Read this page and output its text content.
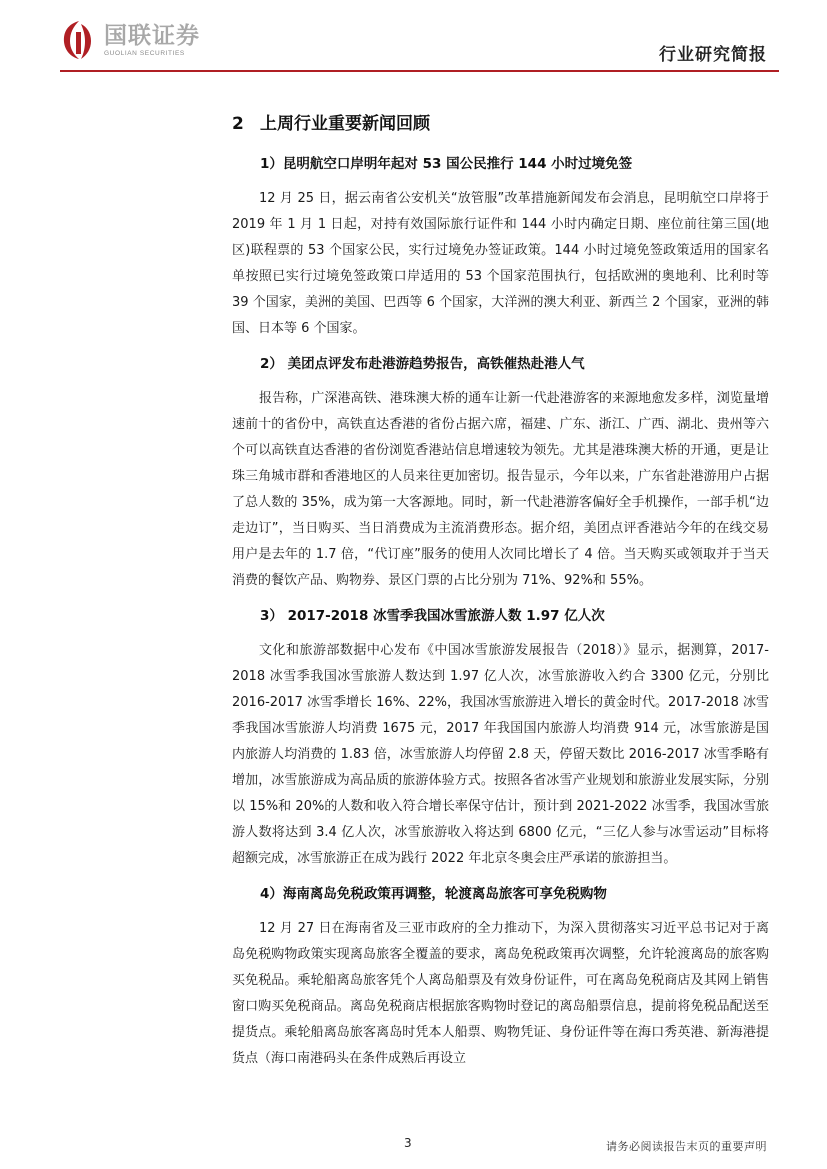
国联证券
GUOLIAN SECURITIES	行业研究简报
2 上周行业重要新闻回顾
1）昆明航空口岸明年起对 53 国公民推行 144 小时过境免签

12 月 25 日，据云南省公安机关“放管服”改革措施新闻发布会消息，昆明航空口岸将于 2019 年 1 月 1 日起，对持有效国际旅行证件和 144 小时内确定日期、座位前往第三国(地区)联程票的 53 个国家公民，实行过境免办签证政策。144 小时过境免签政策适用的国家名单按照已实行过境免签政策口岸适用的 53 个国家范围执行，包括欧洲的奥地利、比利时等 39 个国家，美洲的美国、巴西等 6 个国家，大洋洲的澳大利亚、新西兰 2 个国家，亚洲的韩国、日本等 6 个国家。

2） 美团点评发布赴港游趋势报告，高铁催热赴港人气

报告称，广深港高铁、港珠澳大桥的通车让新一代赴港游客的来源地愈发多样，浏览量增速前十的省份中，高铁直达香港的省份占据六席，福建、广东、浙江、广西、湖北、贵州等六个可以高铁直达香港的省份浏览香港站信息增速较为领先。尤其是港珠澳大桥的开通，更是让珠三角城市群和香港地区的人员来往更加密切。报告显示，今年以来，广东省赴港游用户占据了总人数的 35%，成为第一大客源地。同时，新一代赴港游客偏好全手机操作，一部手机“边走边订”，当日购买、当日消费成为主流消费形态。据介绍，美团点评香港站今年的在线交易用户是去年的 1.7 倍，“代订座”服务的使用人次同比增长了 4 倍。当天购买或领取并于当天消费的餐饮产品、购物券、景区门票的占比分别为 71%、92%和 55%。

3） 2017-2018 冰雪季我国冰雪旅游人数 1.97 亿人次

文化和旅游部数据中心发布《中国冰雪旅游发展报告（2018）》显示，据测算，2017-2018 冰雪季我国冰雪旅游人数达到 1.97 亿人次，冰雪旅游收入约合 3300 亿元，分别比 2016-2017 冰雪季增长 16%、22%，我国冰雪旅游进入增长的黄金时代。2017-2018 冰雪季我国冰雪旅游人均消费 1675 元，2017 年我国国内旅游人均消费 914 元，冰雪旅游是国内旅游人均消费的 1.83 倍，冰雪旅游人均停留 2.8 天，停留天数比 2016-2017 冰雪季略有增加，冰雪旅游成为高品质的旅游体验方式。按照各省冰雪产业规划和旅游业发展实际，分别以 15%和 20%的人数和收入符合增长率保守估计，预计到 2021-2022 冰雪季，我国冰雪旅游人数将达到 3.4 亿人次，冰雪旅游收入将达到 6800 亿元，“三亿人参与冰雪运动”目标将超额完成，冰雪旅游正在成为践行 2022 年北京冬奥会庄严承诺的旅游担当。

4）海南离岛免税政策再调整，轮渡离岛旅客可享免税购物

12 月 27 日在海南省及三亚市政府的全力推动下，为深入贯彻落实习近平总书记对于离岛免税购物政策实现离岛旅客全覆盖的要求，离岛免税政策再次调整，允许轮渡离岛的旅客购买免税品。乘轮船离岛旅客凭个人离岛船票及有效身份证件，可在离岛免税商店及其网上销售窗口购买免税商品。离岛免税商店根据旅客购物时登记的离岛船票信息，提前将免税品配送至提货点。乘轮船离岛旅客离岛时凭本人船票、购物凭证、身份证件等在海口秀英港、新海港提货点（海口南港码头在条件成熟后再设立

3	请务必阅读报告末页的重要声明
